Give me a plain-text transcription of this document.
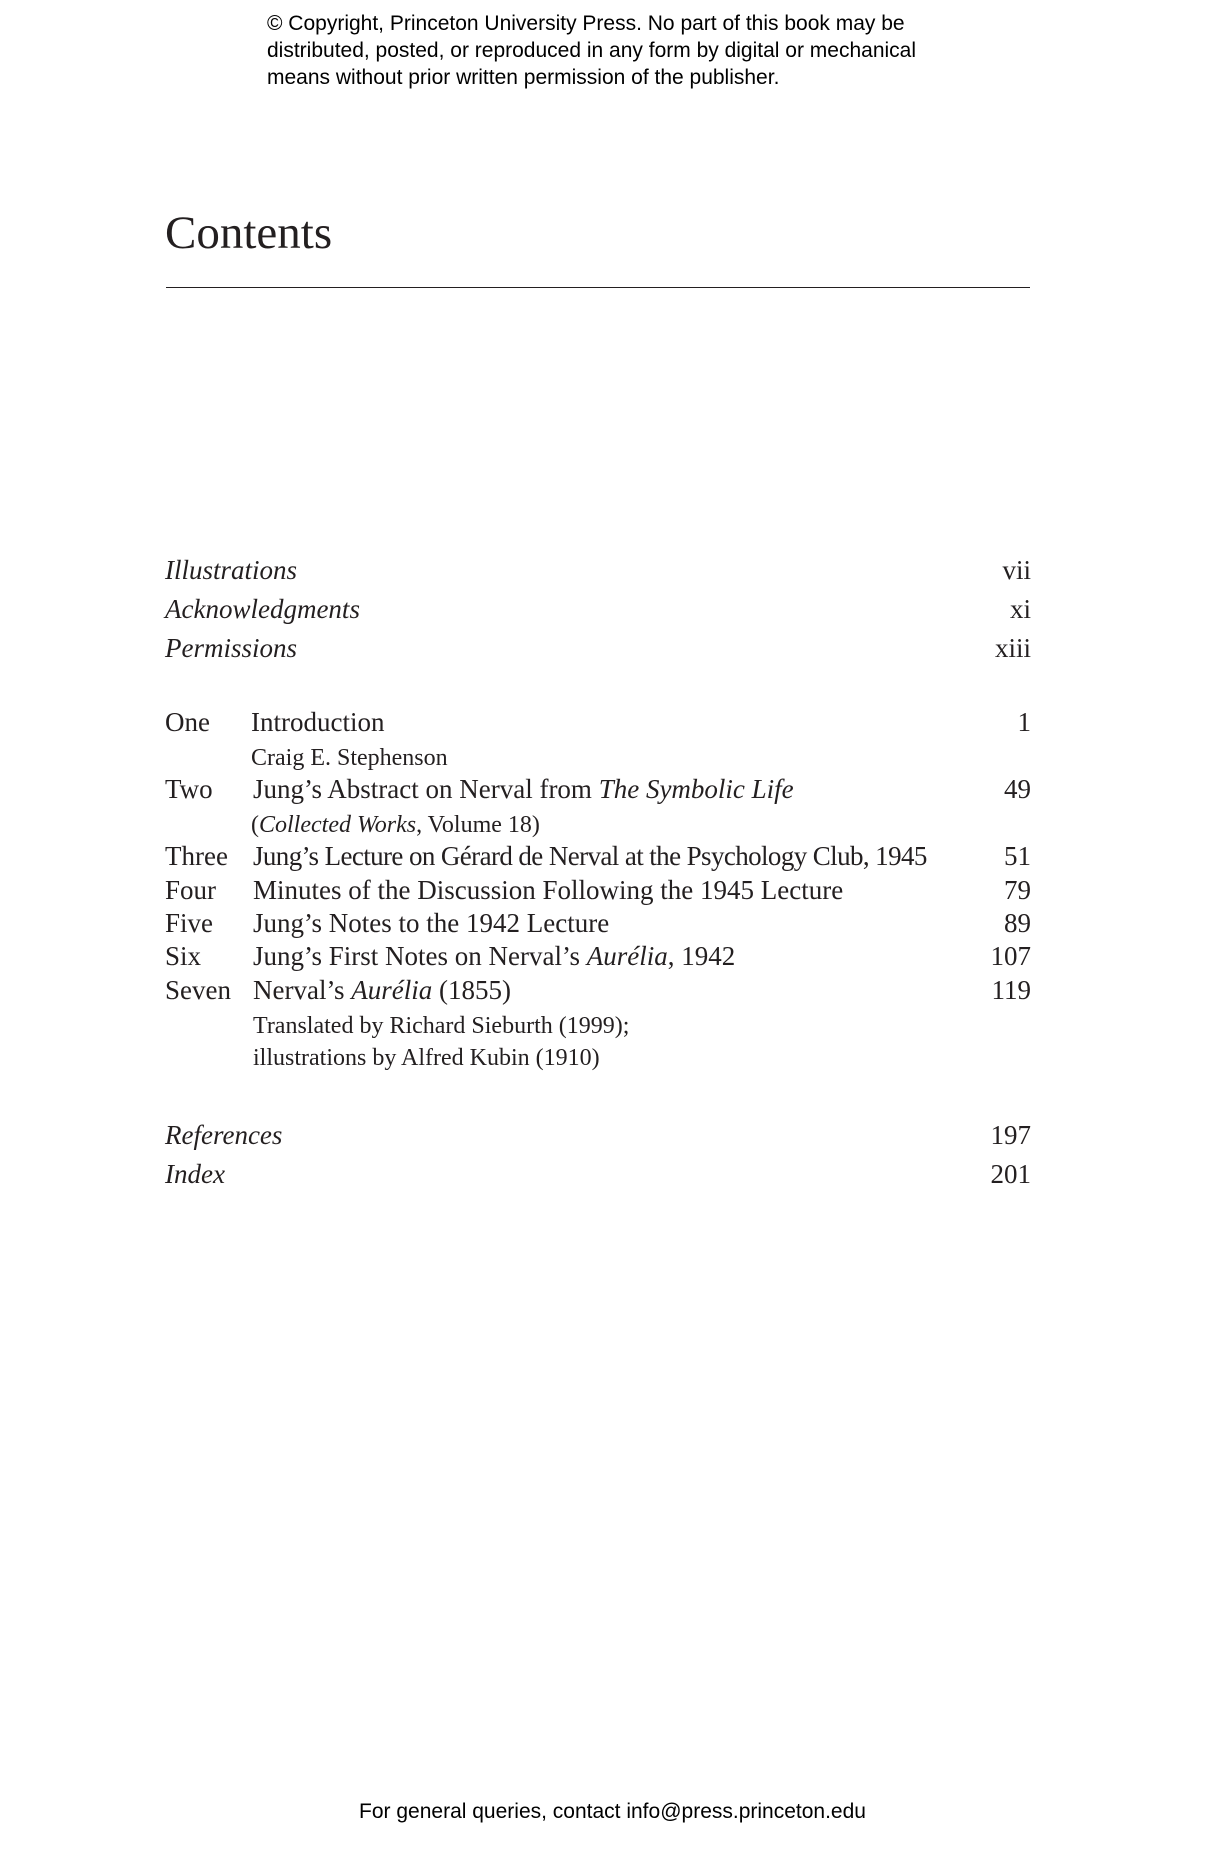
© Copyright, Princeton University Press. No part of this book may be
distributed, posted, or reproduced in any form by digital or mechanical
means without prior written permission of the publisher.
Contents
Illustrations	vii
Acknowledgments	xi
Permissions	xiii
One Introduction	1
Craig E. Stephenson
Two Jung’s Abstract on Nerval from The Symbolic Life	49
(Collected Works, Volume 18)
Three Jung’s Lecture on Gérard de Nerval at the Psychology Club, 1945	51
Four Minutes of the Discussion Following the 1945 Lecture	79
Five Jung’s Notes to the 1942 Lecture	89
Six Jung’s First Notes on Nerval’s Aurélia, 1942	107
Seven Nerval’s Aurélia (1855)	119
Translated by Richard Sieburth (1999);
illustrations by Alfred Kubin (1910)
References	197
Index	201
For general queries, contact info@press.princeton.edu
